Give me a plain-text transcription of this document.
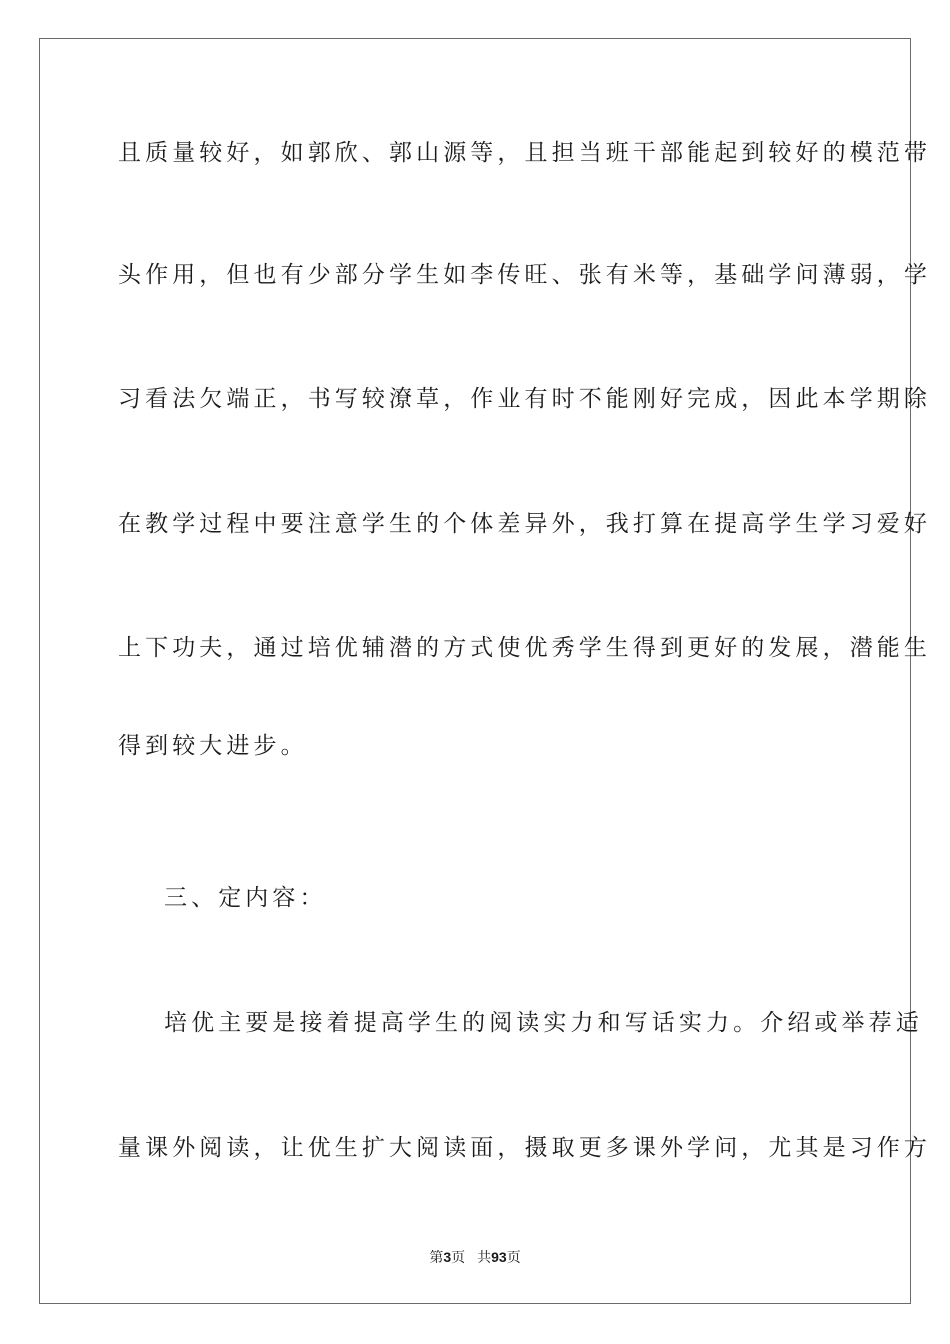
且质量较好，如郭欣、郭山源等，且担当班干部能起到较好的模范带
头作用，但也有少部分学生如李传旺、张有米等，基础学问薄弱，学
习看法欠端正，书写较潦草，作业有时不能刚好完成，因此本学期除
在教学过程中要注意学生的个体差异外，我打算在提高学生学习爱好
上下功夫，通过培优辅潜的方式使优秀学生得到更好的发展，潜能生
得到较大进步。
三、定内容：
培优主要是接着提高学生的阅读实力和写话实力。介绍或举荐适
量课外阅读，让优生扩大阅读面，摄取更多课外学问，尤其是习作方
第3页 共93页
